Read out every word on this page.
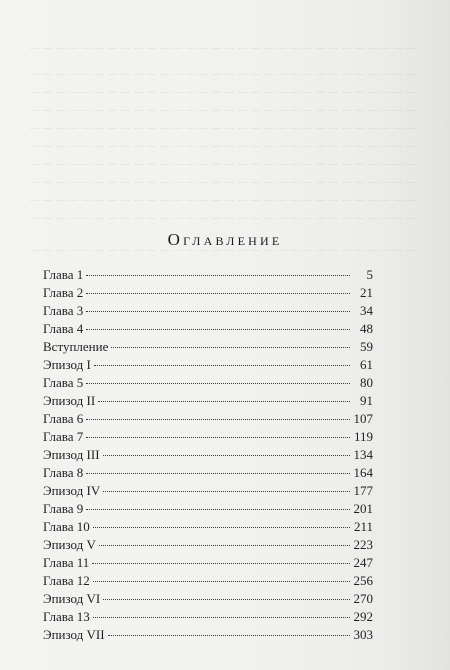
Оглавление
Глава 1	5
Глава 2	21
Глава 3	34
Глава 4	48
Вступление	59
Эпизод I	61
Глава 5	80
Эпизод II	91
Глава 6	107
Глава 7	119
Эпизод III	134
Глава 8	164
Эпизод IV	177
Глава 9	201
Глава 10	211
Эпизод V	223
Глава 11	247
Глава 12	256
Эпизод VI	270
Глава 13	292
Эпизод VII	303
